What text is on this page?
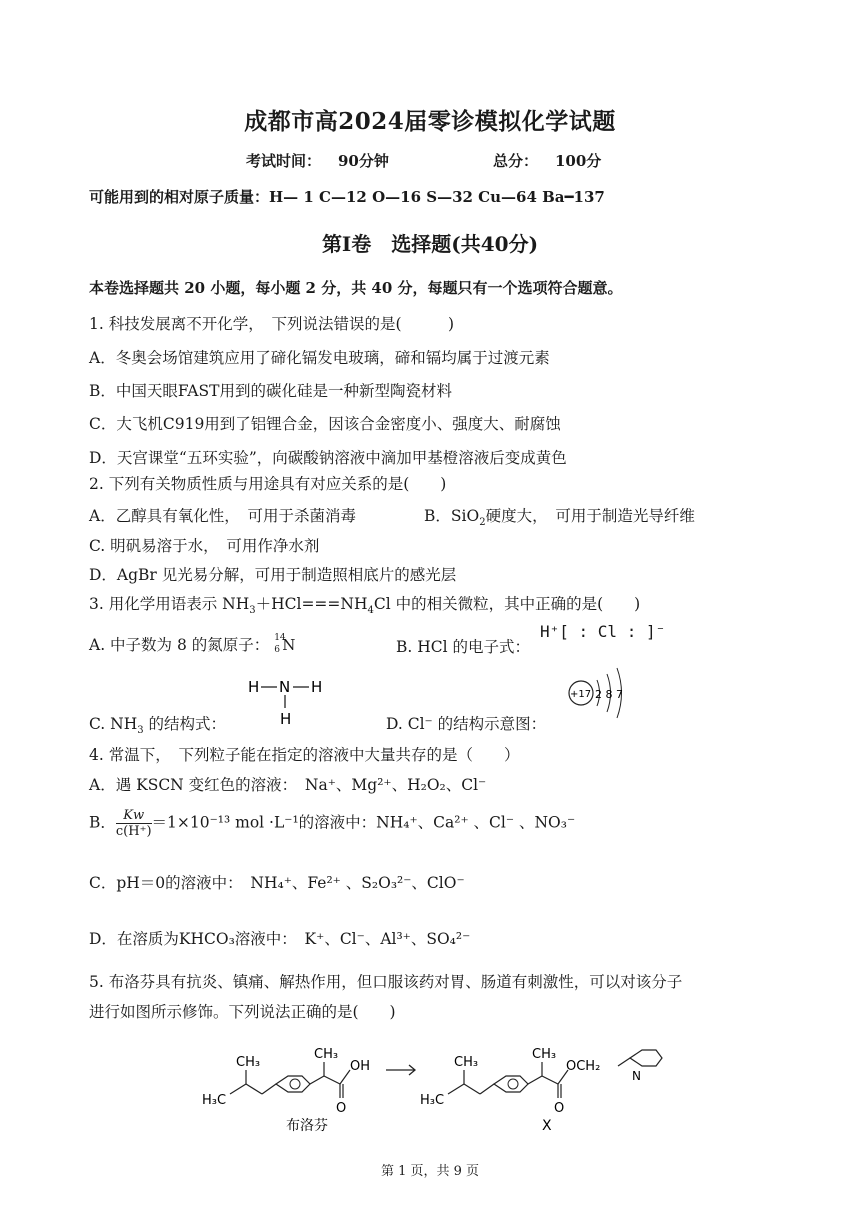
成都市高2024届零诊模拟化学试题
考试时间： 90分钟	总分： 100分
可能用到的相对原子质量：H— 1 C—12 O—16 S—32 Cu—64 Ba━137
第Ⅰ卷　选择题(共40分)
本卷选择题共 20 小题，每小题 2 分，共 40 分，每题只有一个选项符合题意。
1. 科技发展离不开化学，　下列说法错误的是(　　　)
A．冬奥会场馆建筑应用了碲化镉发电玻璃，碲和镉均属于过渡元素
B．中国天眼FAST用到的碳化硅是一种新型陶瓷材料
C．大飞机C919用到了铝锂合金，因该合金密度小、强度大、耐腐蚀
D．天宫课堂“五环实验”，向碳酸钠溶液中滴加甲基橙溶液后变成黄色
2. 下列有关物质性质与用途具有对应关系的是(　　)
A．乙醇具有氧化性，　可用于杀菌消毒	B．SiO$_2$硬度大，　可用于制造光导纤维
C. 明矾易溶于水，　可用作净水剂
D．AgBr 见光易分解，可用于制造照相底片的感光层
3. 用化学用语表示 $NH_3+HCl===NH_4Cl$ 中的相关微粒，其中正确的是(　　)
A. 中子数为 8 的氮原子： 14
6 N	B. HCl 的电子式：
H⁺[ : Cl : ]⁻
H N H
H
C. $NH_3$ 的结构式：	D. Cl⁻ 的结构示意图：
+17 2 8 7
4. 常温下，　下列粒子能在指定的溶液中大量共存的是（　　）
A．遇 KSCN 变红色的溶液：　Na⁺、Mg²⁺、H₂O₂、Cl⁻
B． $\frac{Kw}{c(H^+)} =1\times 10^{-13}$ mol ·L⁻¹的溶液中：NH₄⁺、Ca²⁺ 、Cl⁻ 、NO₃⁻
C．pH＝0的溶液中：　NH₄⁺、Fe²⁺ 、S₂O₃²⁻、ClO⁻
D．在溶质为KHCO₃溶液中：　K⁺、Cl⁻、Al³⁺、SO₄²⁻
5. 布洛芬具有抗炎、镇痛、解热作用，但口服该药对胃、肠道有刺激性，可以对该分子
进行如图所示修饰。下列说法正确的是(　　)
H₃C
CH₃
CH₃
OH
O
布洛芬
H₃C
CH₃
CH₃
OCH₂
O
N
X
第 1 页，共 9 页
